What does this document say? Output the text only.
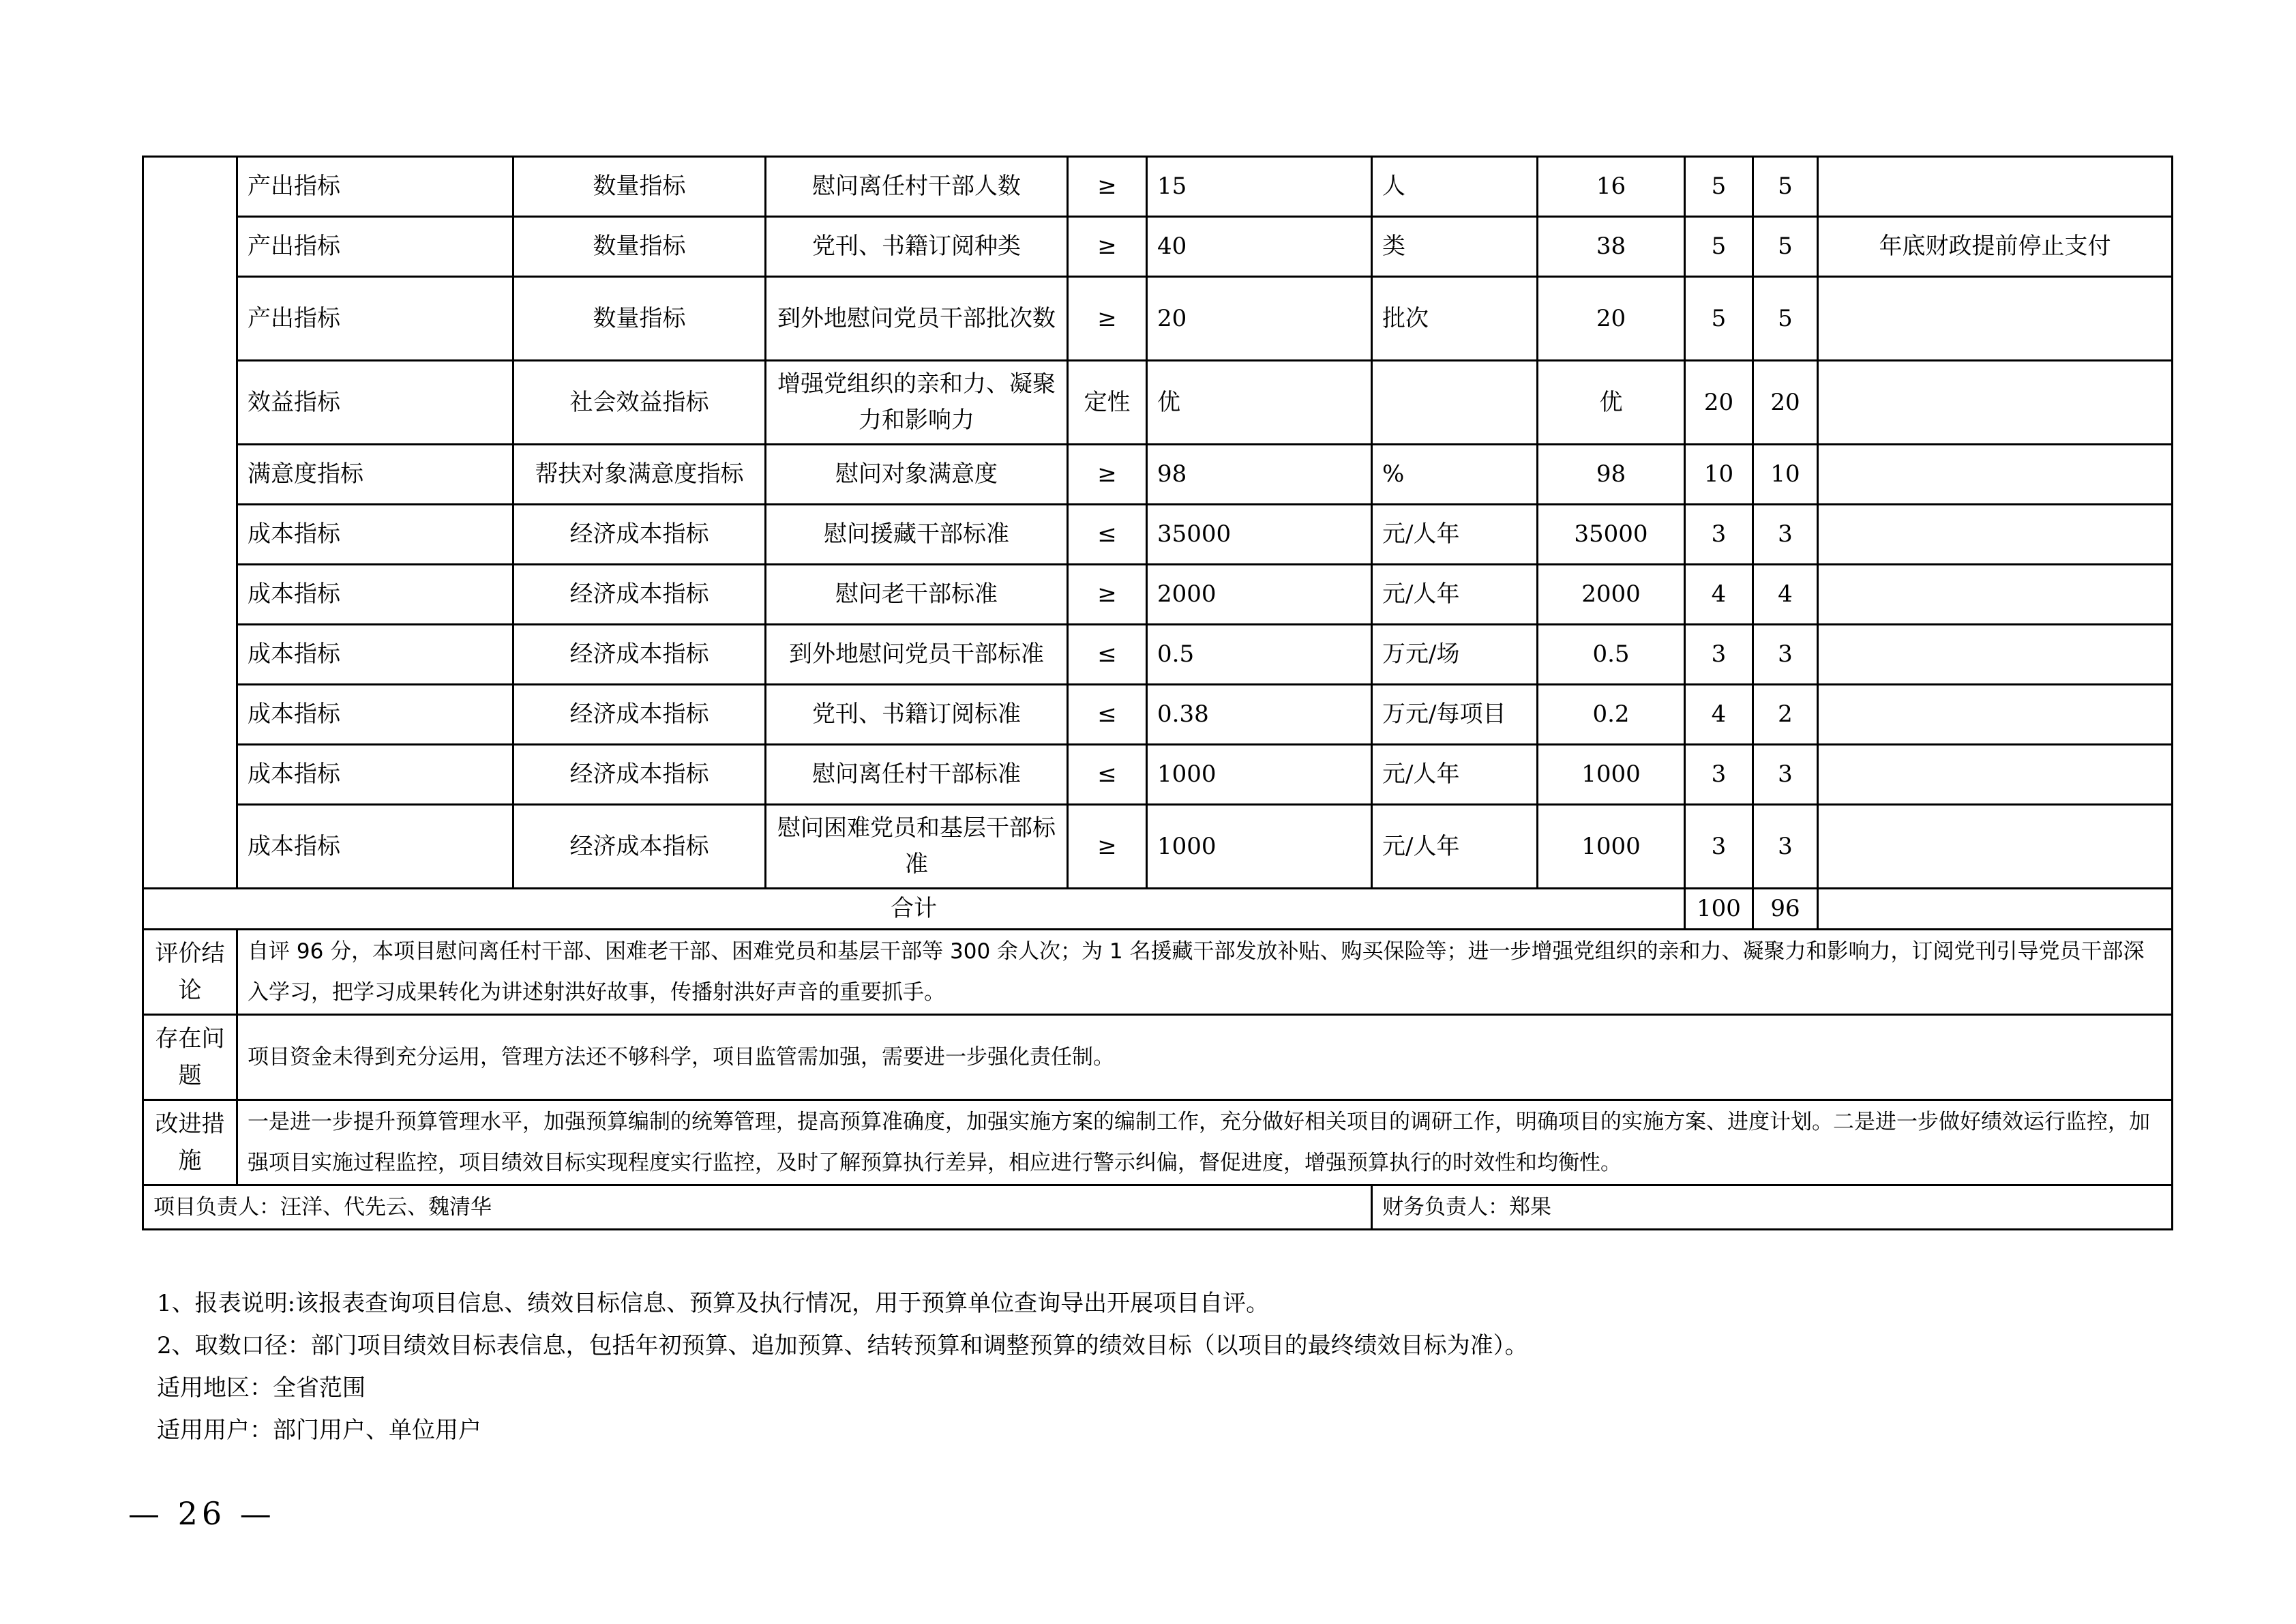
	产出指标	数量指标	慰问离任村干部人数	≥	15	人	16	5	5	
	产出指标	数量指标	党刊、书籍订阅种类	≥	40	类	38	5	5	年底财政提前停止支付
	产出指标	数量指标	到外地慰问党员干部批次数	≥	20	批次	20	5	5	
	效益指标	社会效益指标	增强党组织的亲和力、凝聚力和影响力	定性	优		优	20	20	
	满意度指标	帮扶对象满意度指标	慰问对象满意度	≥	98	%	98	10	10	
	成本指标	经济成本指标	慰问援藏干部标准	≤	35000	元/人年	35000	3	3	
	成本指标	经济成本指标	慰问老干部标准	≥	2000	元/人年	2000	4	4	
	成本指标	经济成本指标	到外地慰问党员干部标准	≤	0.5	万元/场	0.5	3	3	
	成本指标	经济成本指标	党刊、书籍订阅标准	≤	0.38	万元/每项目	0.2	4	2	
	成本指标	经济成本指标	慰问离任村干部标准	≤	1000	元/人年	1000	3	3	
	成本指标	经济成本指标	慰问困难党员和基层干部标准	≥	1000	元/人年	1000	3	3	
合计								100	96	
评价结论	自评 96 分，本项目慰问离任村干部、困难老干部、困难党员和基层干部等 300 余人次；为 1 名援藏干部发放补贴、购买保险等；进一步增强党组织的亲和力、凝聚力和影响力，订阅党刊引导党员干部深入学习，把学习成果转化为讲述射洪好故事，传播射洪好声音的重要抓手。									
存在问题	项目资金未得到充分运用，管理方法还不够科学，项目监管需加强，需要进一步强化责任制。									
改进措施	一是进一步提升预算管理水平，加强预算编制的统筹管理，提高预算准确度，加强实施方案的编制工作，充分做好相关项目的调研工作，明确项目的实施方案、进度计划。二是进一步做好绩效运行监控，加强项目实施过程监控，项目绩效目标实现程度实行监控，及时了解预算执行差异，相应进行警示纠偏，督促进度，增强预算执行的时效性和均衡性。									
项目负责人：汪洋、代先云、魏清华						财务负责人：郑果				
1、报表说明:该报表查询项目信息、绩效目标信息、预算及执行情况，用于预算单位查询导出开展项目自评。
2、取数口径：部门项目绩效目标表信息，包括年初预算、追加预算、结转预算和调整预算的绩效目标（以项目的最终绩效目标为准）。
适用地区：全省范围
适用用户：部门用户、单位用户
— 26 —
